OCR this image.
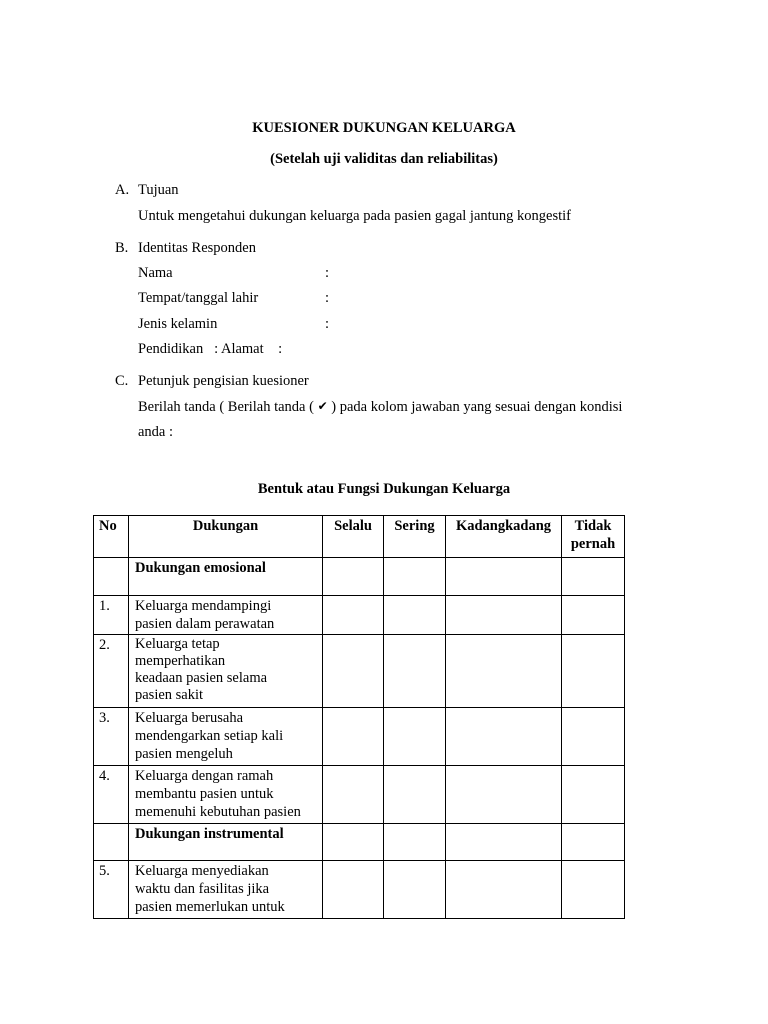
KUESIONER DUKUNGAN KELUARGA
(Setelah uji validitas dan reliabilitas)
A. Tujuan
Untuk mengetahui dukungan keluarga pada pasien gagal jantung kongestif
B. Identitas Responden
Nama	:
Tempat/tanggal lahir	:
Jenis kelamin	:
Pendidikan   : Alamat    :
C. Petunjuk pengisian kuesioner
Berilah tanda ( Berilah tanda ( ✔ ) pada kolom jawaban yang sesuai dengan kondisi
anda :
Bentuk atau Fungsi Dukungan Keluarga
No	Dukungan	Selalu	Sering	Kadangkadang	Tidak
pernah
	Dukungan emosional				
1.	Keluarga mendampingi
pasien dalam perawatan				

2.	Keluarga tetap
memperhatikan
keadaan pasien selama
pasien sakit				

3.	Keluarga berusaha
mendengarkan setiap kali
pasien mengeluh				

4.	Keluarga dengan ramah
membantu pasien untuk
memenuhi kebutuhan pasien				

	Dukungan instrumental				
5.	Keluarga menyediakan
waktu dan fasilitas jika
pasien memerlukan untuk				
